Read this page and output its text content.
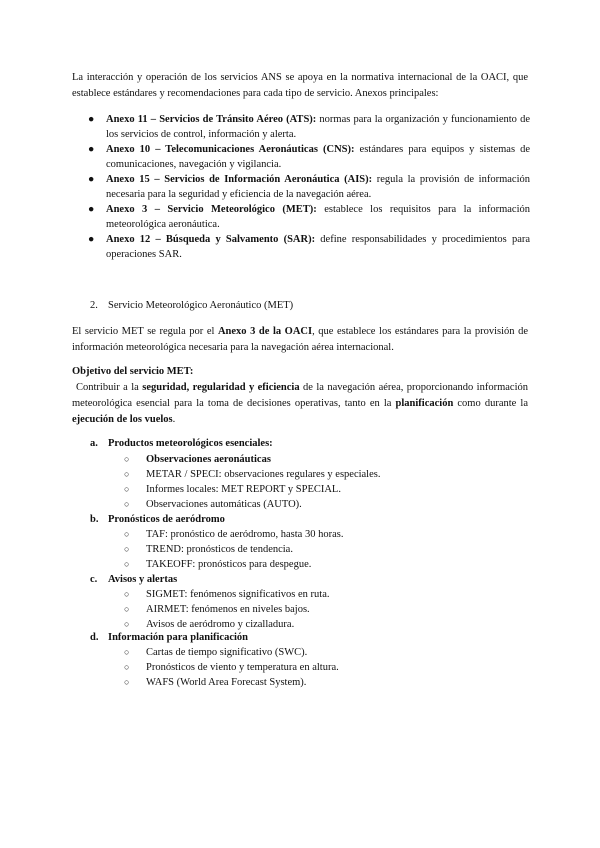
La interacción y operación de los servicios ANS se apoya en la normativa internacional de la OACI, que establece estándares y recomendaciones para cada tipo de servicio. Anexos principales:
● Anexo 11 – Servicios de Tránsito Aéreo (ATS): normas para la organización y funcionamiento de los servicios de control, información y alerta.
● Anexo 10 – Telecomunicaciones Aeronáuticas (CNS): estándares para equipos y sistemas de comunicaciones, navegación y vigilancia.
● Anexo 15 – Servicios de Información Aeronáutica (AIS): regula la provisión de información necesaria para la seguridad y eficiencia de la navegación aérea.
● Anexo 3 – Servicio Meteorológico (MET): establece los requisitos para la información meteorológica aeronáutica.
● Anexo 12 – Búsqueda y Salvamento (SAR): define responsabilidades y procedimientos para operaciones SAR.
2. Servicio Meteorológico Aeronáutico (MET)
El servicio MET se regula por el Anexo 3 de la OACI, que establece los estándares para la provisión de información meteorológica necesaria para la navegación aérea internacional.
Objetivo del servicio MET:
Contribuir a la seguridad, regularidad y eficiencia de la navegación aérea, proporcionando información meteorológica esencial para la toma de decisiones operativas, tanto en la planificación como durante la ejecución de los vuelos.
a. Productos meteorológicos esenciales:
○ Observaciones aeronáuticas
○ METAR / SPECI: observaciones regulares y especiales.
○ Informes locales: MET REPORT y SPECIAL.
○ Observaciones automáticas (AUTO).
b. Pronósticos de aeródromo
○ TAF: pronóstico de aeródromo, hasta 30 horas.
○ TREND: pronósticos de tendencia.
○ TAKEOFF: pronósticos para despegue.
c. Avisos y alertas
○ SIGMET: fenómenos significativos en ruta.
○ AIRMET: fenómenos en niveles bajos.
○ Avisos de aeródromo y cizalladura.
d. Información para planificación
○ Cartas de tiempo significativo (SWC).
○ Pronósticos de viento y temperatura en altura.
○ WAFS (World Area Forecast System).
